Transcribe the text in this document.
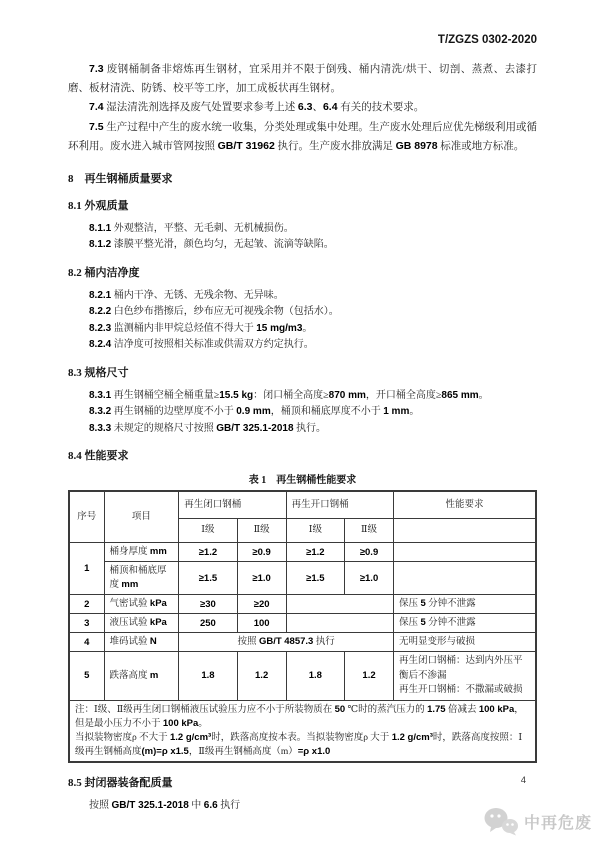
T/ZGZS 0302-2020

7.3 废钢桶制备非熔炼再生钢材，宜采用并不限于倒残、桶内清洗/烘干、切剖、蒸煮、去漆打磨、板材清洗、防锈、校平等工序，加工成板状再生钢材。

7.4 湿法清洗剂选择及废气处置要求参考上述 6.3、6.4 有关的技术要求。

7.5 生产过程中产生的废水统一收集，分类处理或集中处理。生产废水处理后应优先梯级利用或循环利用。废水进入城市管网按照 GB/T 31962 执行。生产废水排放满足 GB 8978 标准或地方标准。

8　再生钢桶质量要求
8.1 外观质量

8.1.1 外观整洁，平整、无毛刺、无机械损伤。

8.1.2 漆膜平整光滑，颜色均匀，无起皱、流滴等缺陷。

8.2 桶内洁净度

8.2.1 桶内干净、无锈、无残余物、无异味。

8.2.2 白色纱布揩擦后，纱布应无可视残余物（包括水）。

8.2.3 监测桶内非甲烷总烃值不得大于 15 mg/m3。

8.2.4 洁净度可按照相关标准或供需双方约定执行。

8.3 规格尺寸

8.3.1 再生钢桶空桶全桶重量≥15.5 kg：闭口桶全高度≥870 mm，开口桶全高度≥865 mm。

8.3.2 再生钢桶的边壁厚度不小于 0.9 mm，桶顶和桶底厚度不小于 1 mm。

8.3.3 未规定的规格尺寸按照 GB/T 325.1-2018 执行。

8.4 性能要求
表 1　再生钢桶性能要求
序号	项目	再生闭口钢桶		再生开口钢桶		性能要求
		Ⅰ级	Ⅱ级	Ⅰ级	Ⅱ级	
1	桶身厚度 mm	≥1.2	≥0.9	≥1.2	≥0.9	
	桶顶和桶底厚度 mm	≥1.5	≥1.0	≥1.5	≥1.0	
2	气密试验 kPa	≥30	≥20			保压 5 分钟不泄露
3	液压试验 kPa	250	100			保压 5 分钟不泄露
4	堆码试验 N	按照 GB/T 4857.3 执行				无明显变形与破损
5	跌落高度 m	1.8	1.2	1.8	1.2	再生闭口钢桶：达到内外压平衡后不渗漏
再生开口钢桶：不撒漏或破损

注：Ⅰ级、Ⅱ级再生闭口钢桶液压试验压力应不小于所装物质在 50 ℃时的蒸汽压力的 1.75 倍减去 100 kPa，但是最小压力不小于 100 kPa。
当拟装物密度ρ 不大于 1.2 g/cm³时，跌落高度按本表。当拟装物密度ρ 大于 1.2 g/cm³时，跌落高度按照：Ⅰ级再生钢桶高度(m)=ρ x1.5，Ⅱ级再生钢桶高度（m）=ρ x1.0						
8.5 封闭器装备配质量

按照 GB/T 325.1-2018 中 6.6 执行

4
中再危废
